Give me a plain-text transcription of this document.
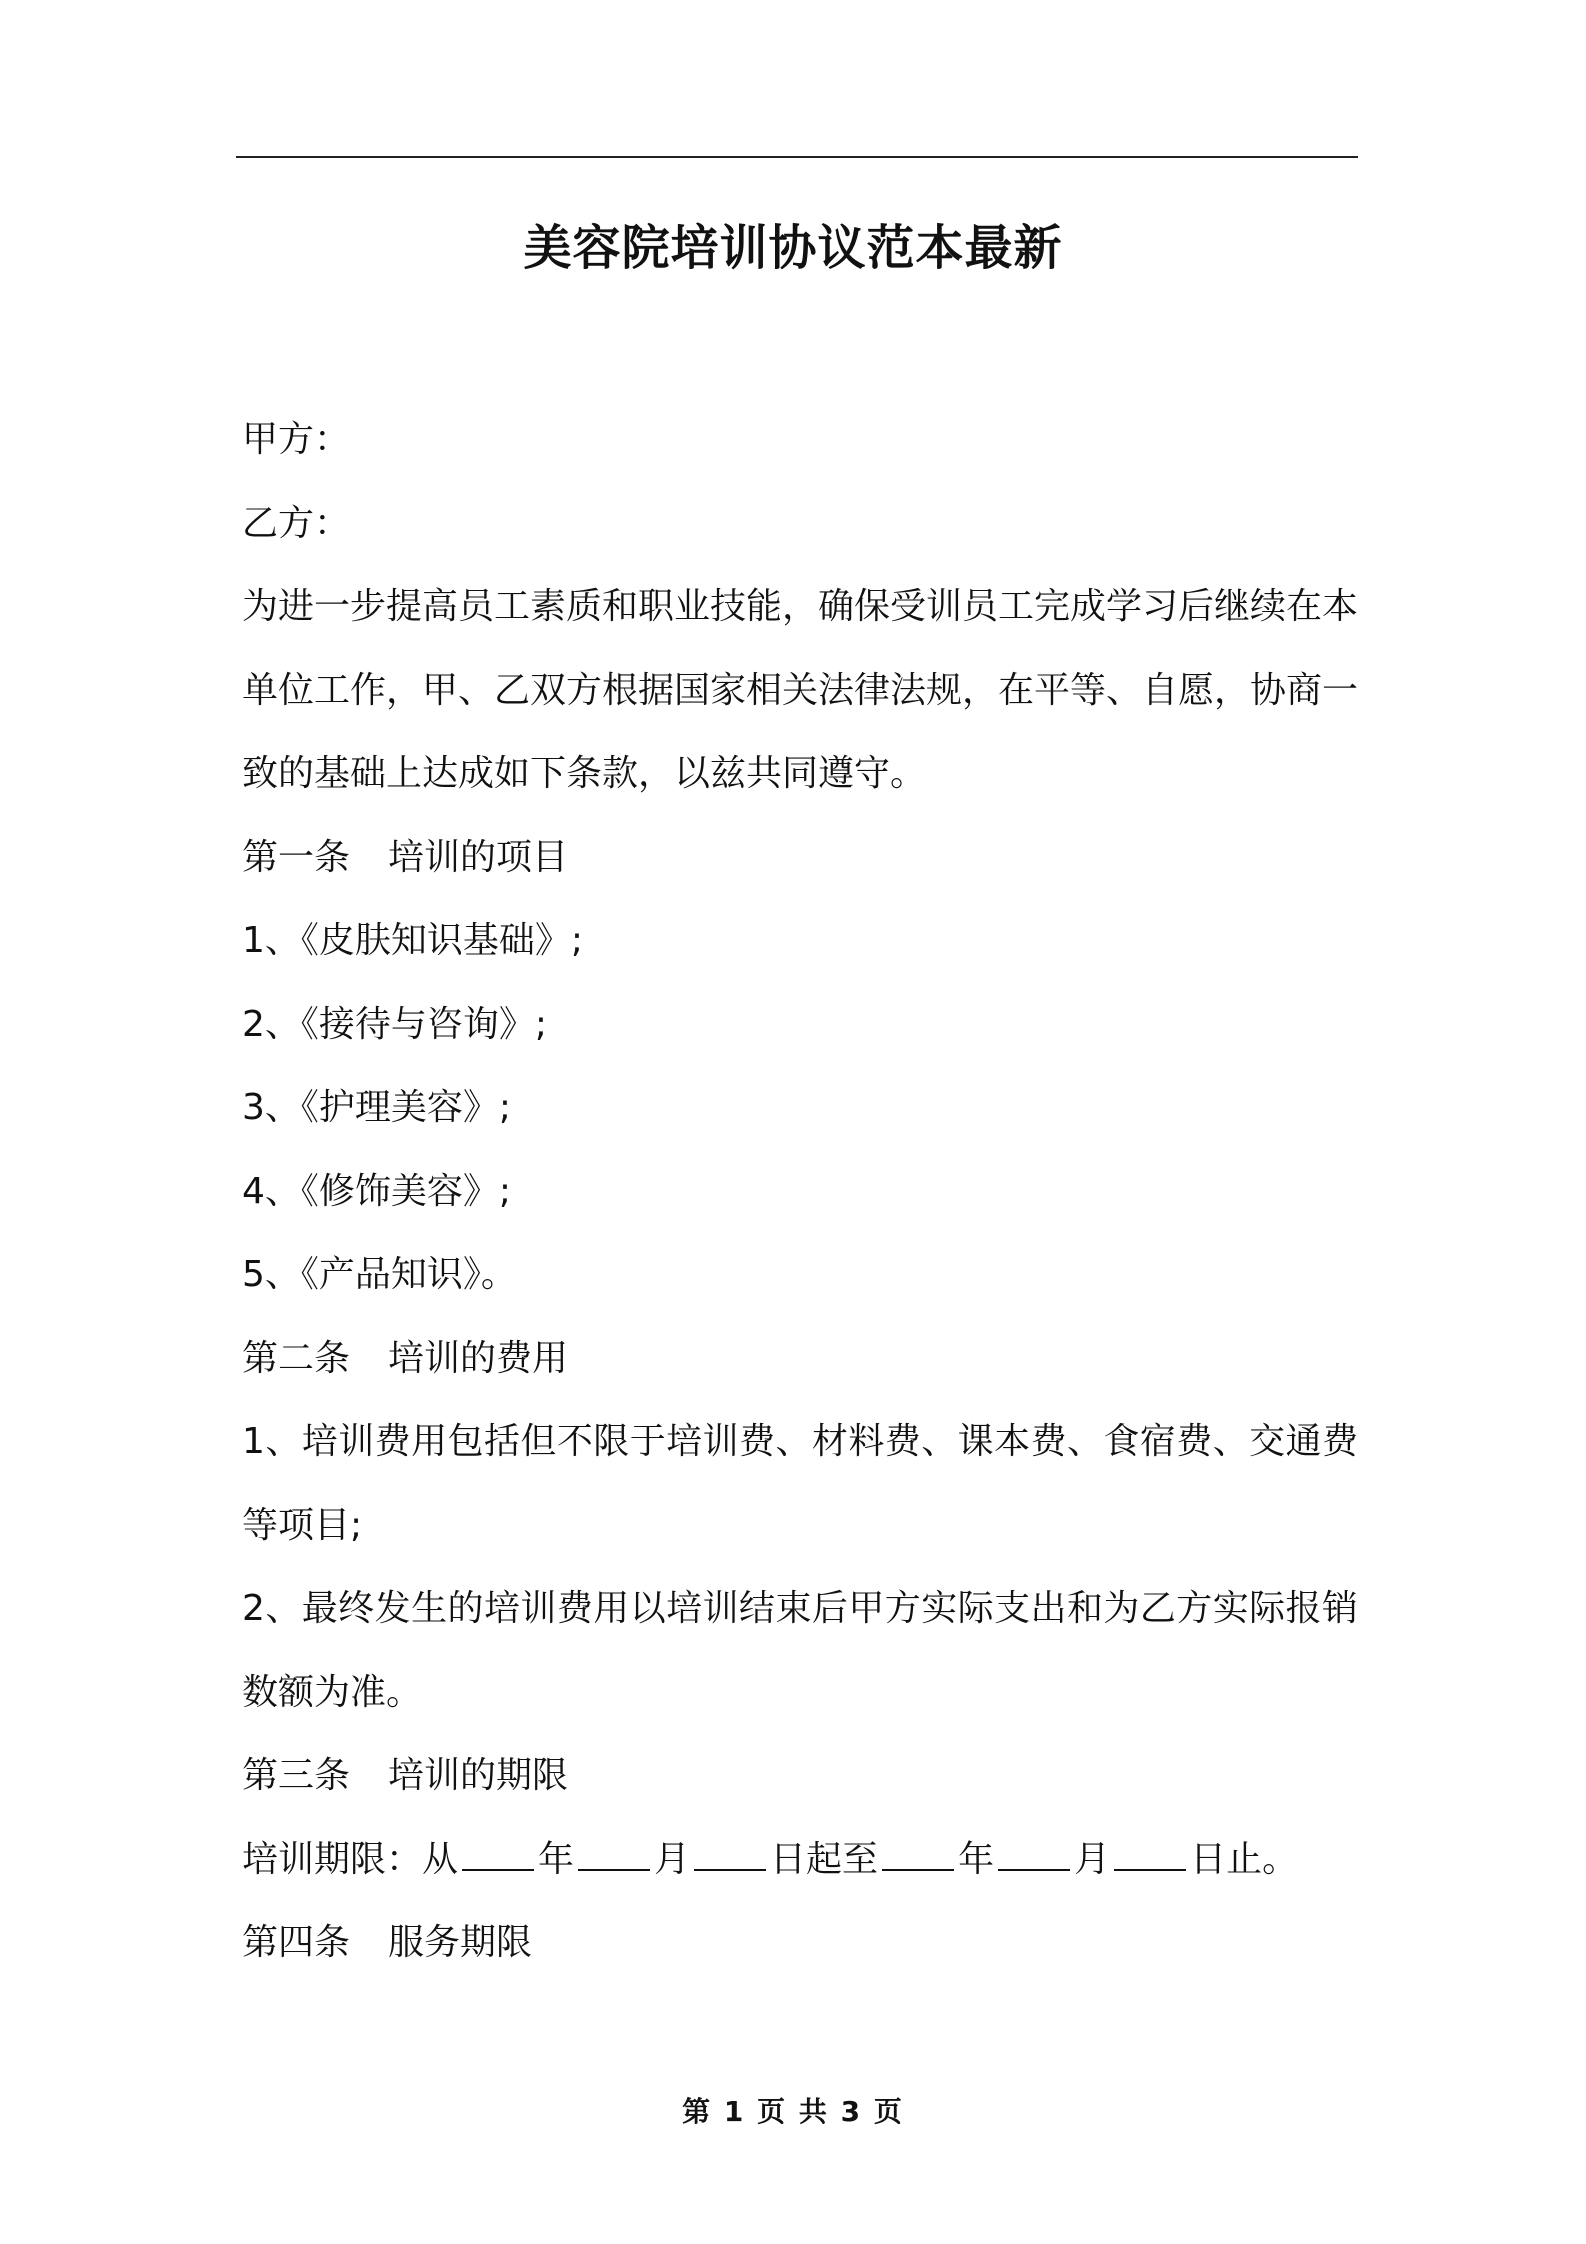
美容院培训协议范本最新
甲方：
乙方：
为进一步提高员工素质和职业技能，确保受训员工完成学习后继续在本单位工作，甲、乙双方根据国家相关法律法规，在平等、自愿，协商一致的基础上达成如下条款，以兹共同遵守。
第一条 培训的项目
1、《皮肤知识基础》;
2、《接待与咨询》;
3、《护理美容》;
4、《修饰美容》;
5、《产品知识》。
第二条 培训的费用
1、培训费用包括但不限于培训费、材料费、课本费、食宿费、交通费等项目;
2、最终发生的培训费用以培训结束后甲方实际支出和为乙方实际报销数额为准。
第三条 培训的期限
培训期限：从 年 月 日起至 年 月 日止。
第四条 服务期限
第 1 页 共 3 页
